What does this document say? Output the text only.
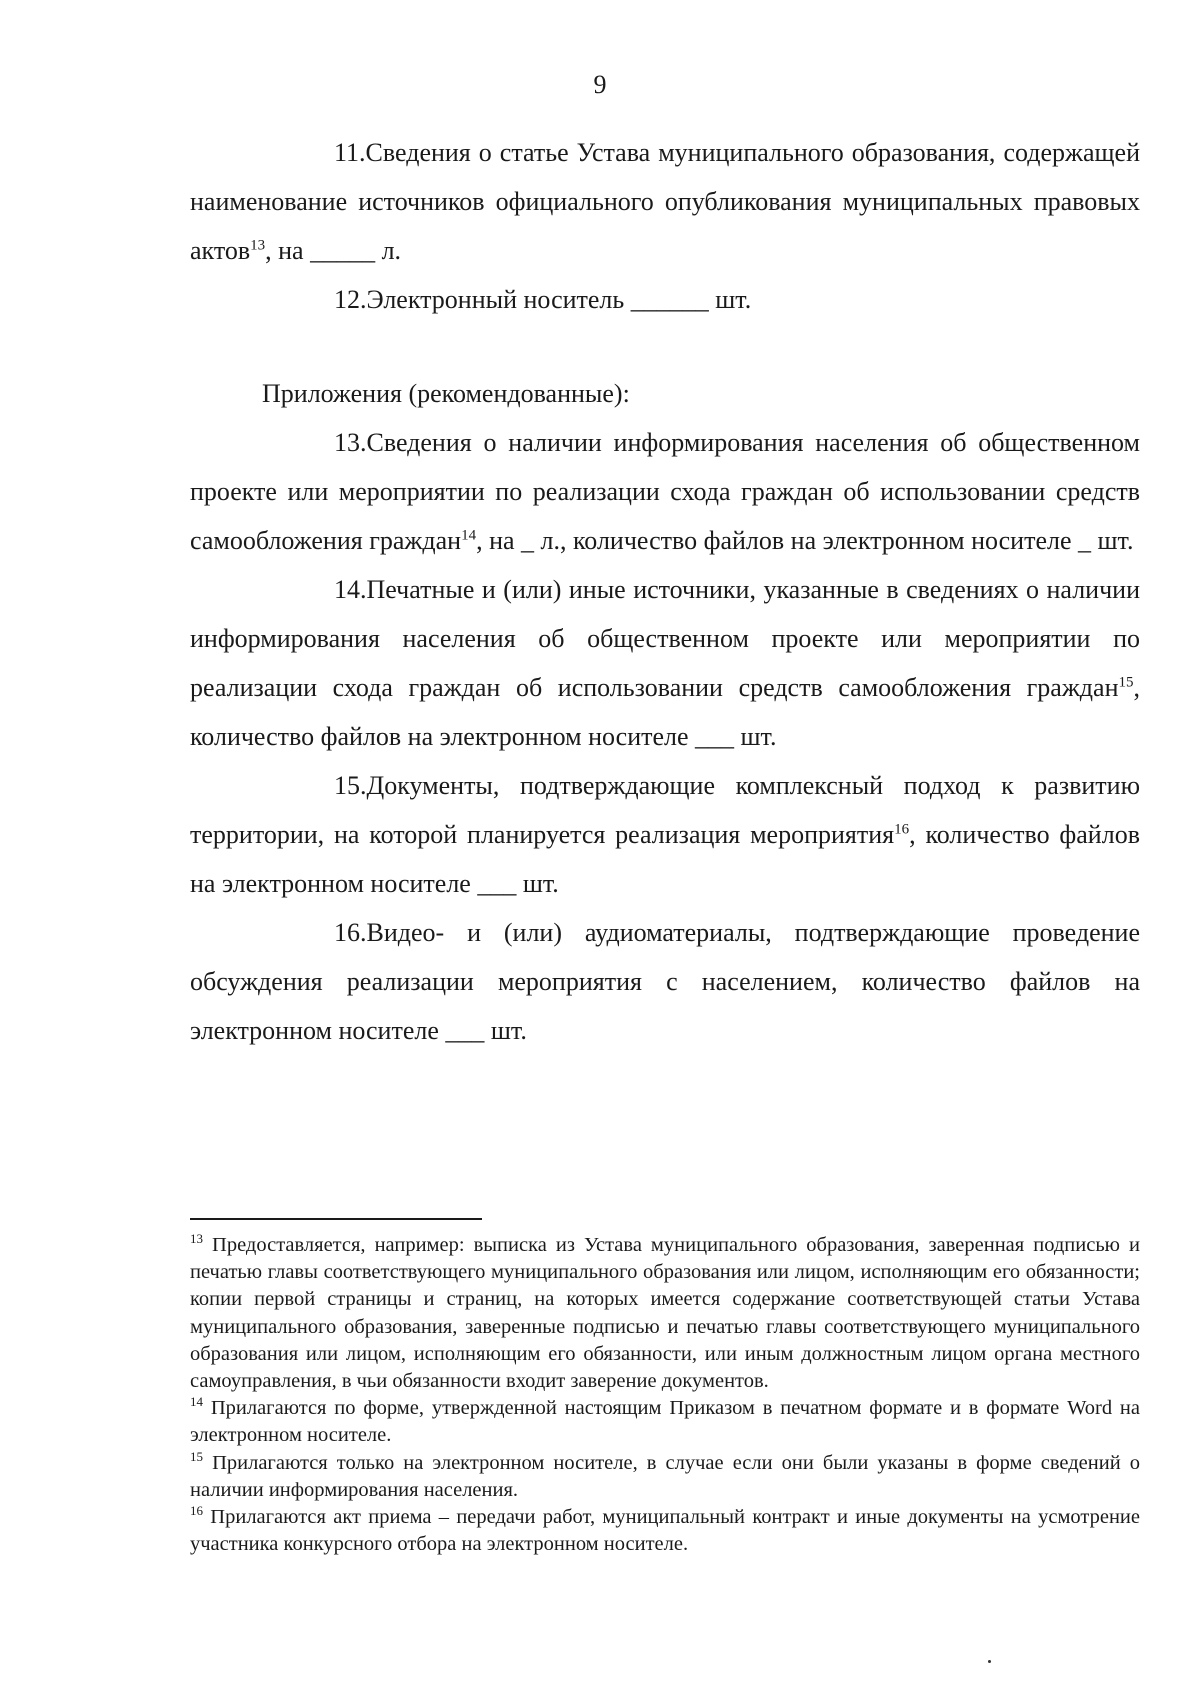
9

11.Сведения о статье Устава муниципального образования, содержащей наименование источников официального опубликования муниципальных правовых актов$^{13}$, на _____ л.

12.Электронный носитель ______ шт.

Приложения (рекомендованные):

13.Сведения о наличии информирования населения об общественном проекте или мероприятии по реализации схода граждан об использовании средств самообложения граждан$^{14}$, на _ л., количество файлов на электронном носителе _ шт.

14.Печатные и (или) иные источники, указанные в сведениях о наличии информирования населения об общественном проекте или мероприятии по реализации схода граждан об использовании средств самообложения граждан$^{15}$, количество файлов на электронном носителе ___ шт.

15.Документы, подтверждающие комплексный подход к развитию территории, на которой планируется реализация мероприятия$^{16}$, количество файлов на электронном носителе ___ шт.

16.Видео- и (или) аудиоматериалы, подтверждающие проведение обсуждения реализации мероприятия с населением, количество файлов на электронном носителе ___ шт.

$^{13}$ Предоставляется, например: выписка из Устава муниципального образования, заверенная подписью и печатью главы соответствующего муниципального образования или лицом, исполняющим его обязанности; копии первой страницы и страниц, на которых имеется содержание соответствующей статьи Устава муниципального образования, заверенные подписью и печатью главы соответствующего муниципального образования или лицом, исполняющим его обязанности, или иным должностным лицом органа местного самоуправления, в чьи обязанности входит заверение документов.

$^{14}$ Прилагаются по форме, утвержденной настоящим Приказом в печатном формате и в формате Word на электронном носителе.

$^{15}$ Прилагаются только на электронном носителе, в случае если они были указаны в форме сведений о наличии информирования населения.

$^{16}$ Прилагаются акт приема – передачи работ, муниципальный контракт и иные документы на усмотрение участника конкурсного отбора на электронном носителе.
